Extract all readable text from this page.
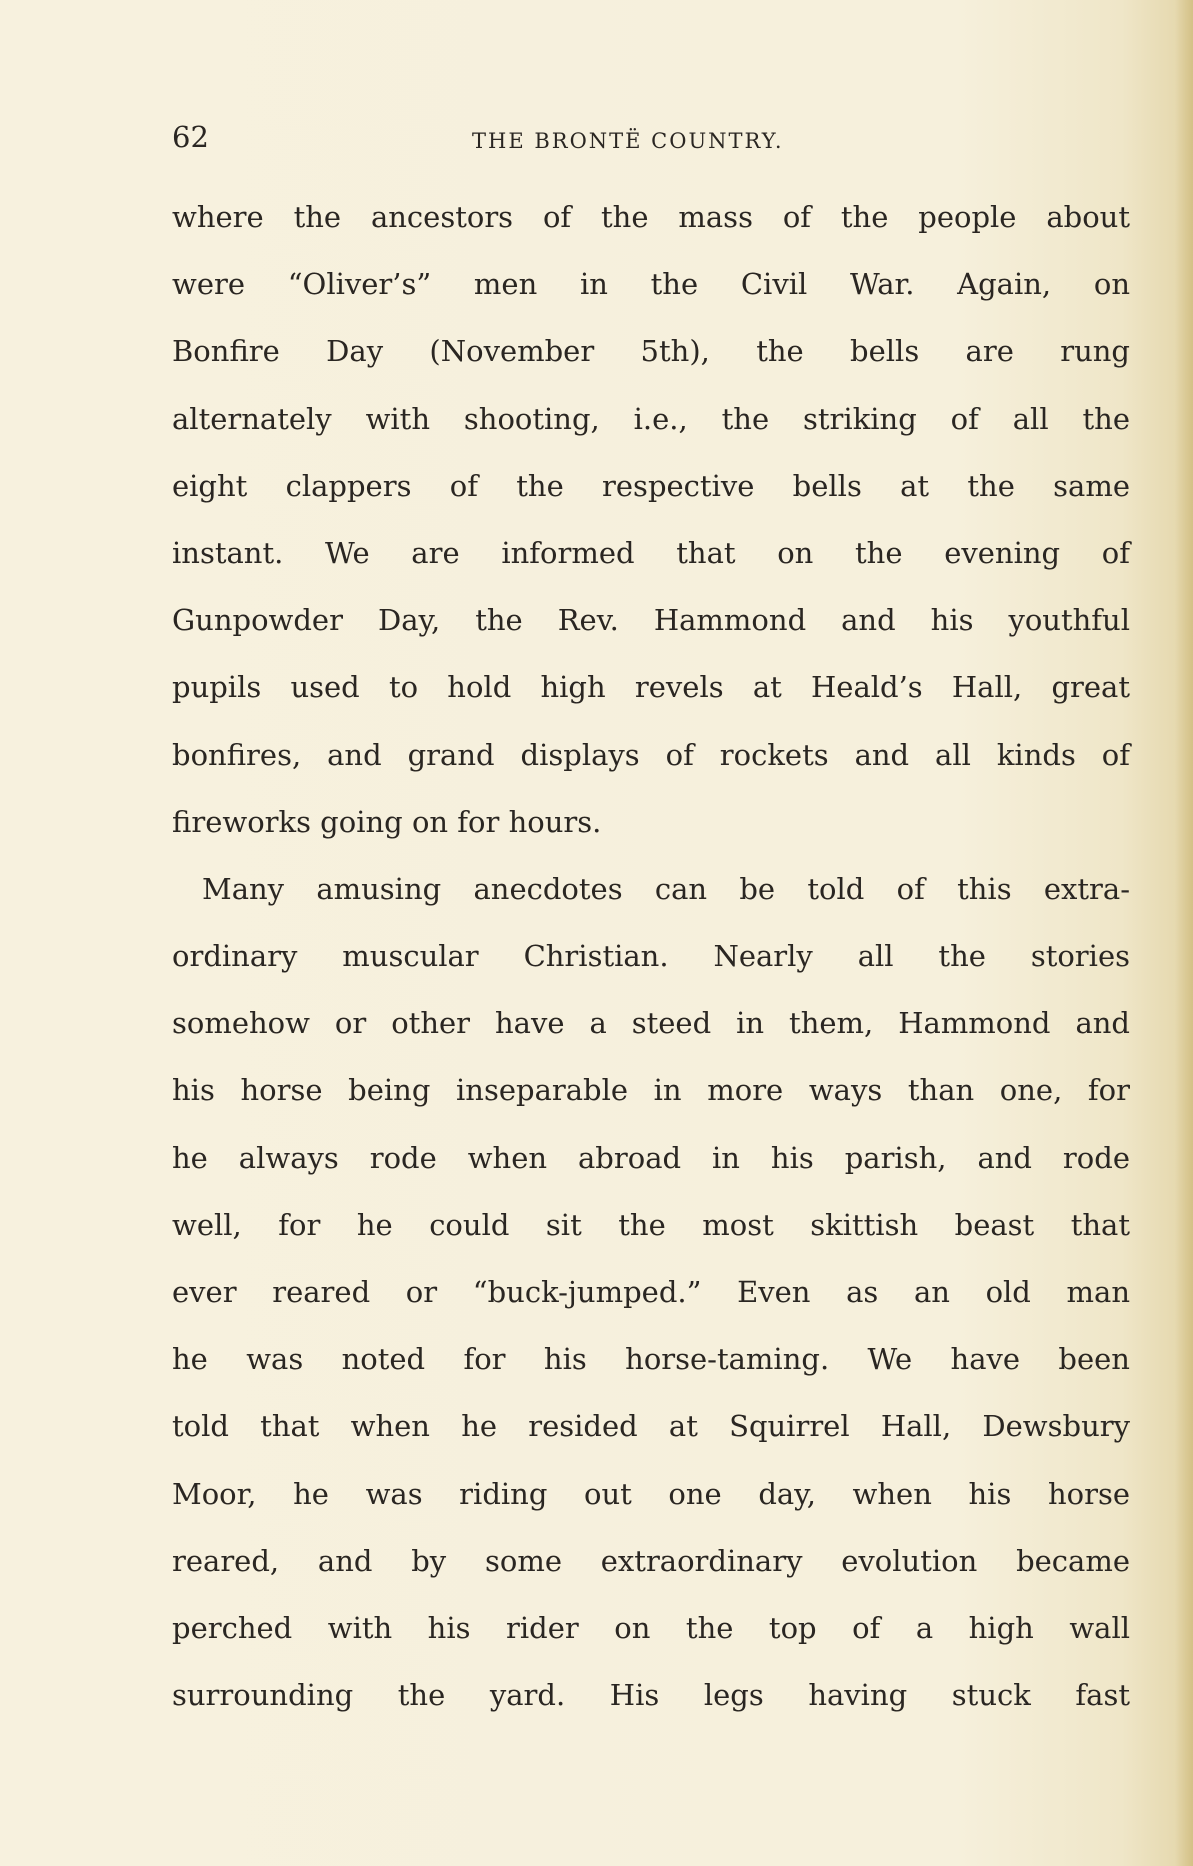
62	THE BRONTË COUNTRY.
where the ancestors of the mass of the people about
were “Oliver’s” men in the Civil War. Again, on
Bonfire Day (November 5th), the bells are rung
alternately with shooting, i.e., the striking of all the
eight clappers of the respective bells at the same
instant. We are informed that on the evening of
Gunpowder Day, the Rev. Hammond and his youthful
pupils used to hold high revels at Heald’s Hall, great
bonfires, and grand displays of rockets and all kinds of
fireworks going on for hours.
Many amusing anecdotes can be told of this extra-
ordinary muscular Christian. Nearly all the stories
somehow or other have a steed in them, Hammond and
his horse being inseparable in more ways than one, for
he always rode when abroad in his parish, and rode
well, for he could sit the most skittish beast that
ever reared or “buck-jumped.” Even as an old man
he was noted for his horse-taming. We have been
told that when he resided at Squirrel Hall, Dewsbury
Moor, he was riding out one day, when his horse
reared, and by some extraordinary evolution became
perched with his rider on the top of a high wall
surrounding the yard. His legs having stuck fast
